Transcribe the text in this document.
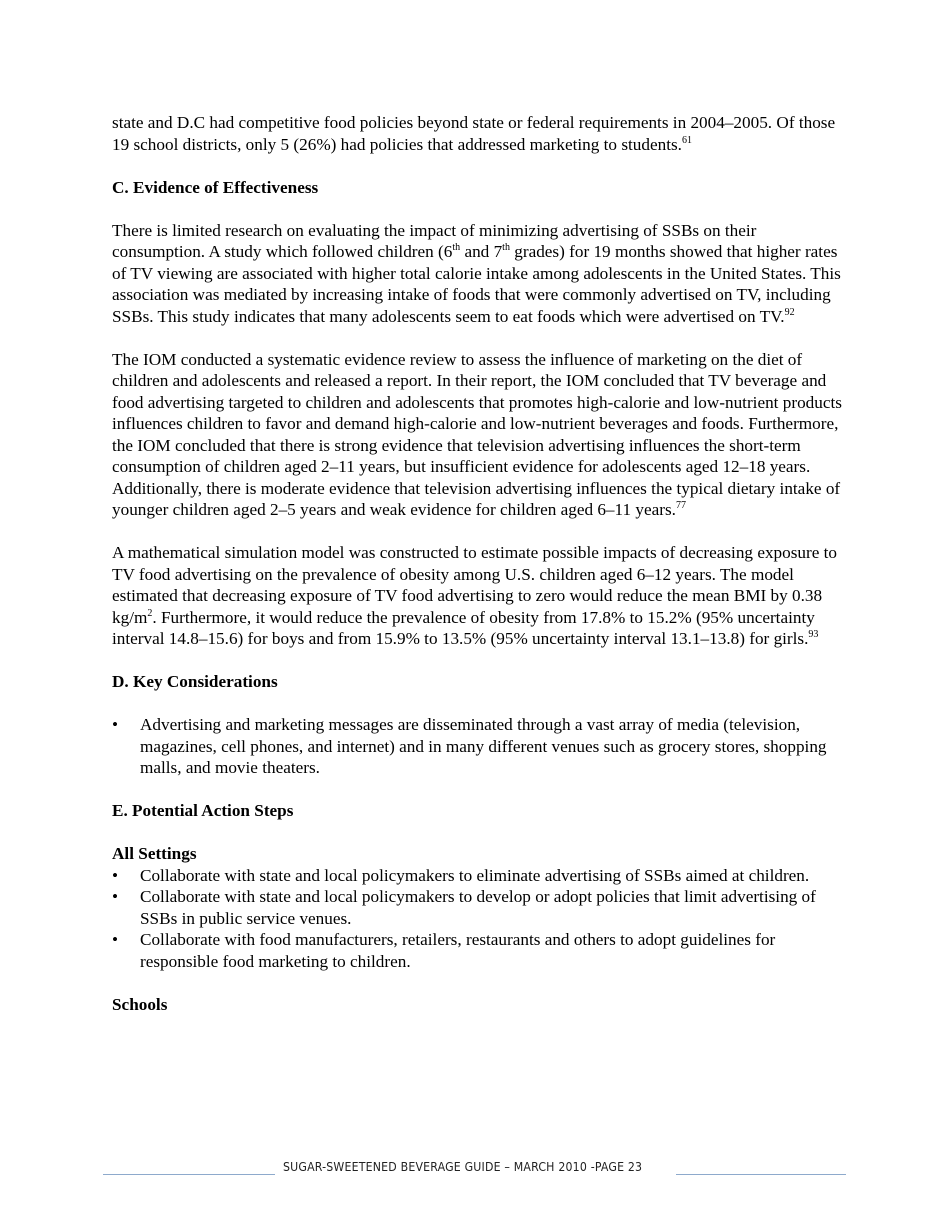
state and D.C had competitive food policies beyond state or federal requirements in 2004–2005. Of those 19 school districts, only 5 (26%) had policies that addressed marketing to students.$^{61}$

C. Evidence of Effectiveness

There is limited research on evaluating the impact of minimizing advertising of SSBs on their consumption. A study which followed children (6th and 7th grades) for 19 months showed that higher rates of TV viewing are associated with higher total calorie intake among adolescents in the United States. This association was mediated by increasing intake of foods that were commonly advertised on TV, including SSBs. This study indicates that many adolescents seem to eat foods which were advertised on TV.$^{92}$

The IOM conducted a systematic evidence review to assess the influence of marketing on the diet of children and adolescents and released a report. In their report, the IOM concluded that TV beverage and food advertising targeted to children and adolescents that promotes high-calorie and low-nutrient products influences children to favor and demand high-calorie and low-nutrient beverages and foods. Furthermore, the IOM concluded that there is strong evidence that television advertising influences the short-term consumption of children aged 2–11 years, but insufficient evidence for adolescents aged 12–18 years. Additionally, there is moderate evidence that television advertising influences the typical dietary intake of younger children aged 2–5 years and weak evidence for children aged 6–11 years.$^{77}$

A mathematical simulation model was constructed to estimate possible impacts of decreasing exposure to TV food advertising on the prevalence of obesity among U.S. children aged 6–12 years. The model estimated that decreasing exposure of TV food advertising to zero would reduce the mean BMI by 0.38 $kg/m^2$. Furthermore, it would reduce the prevalence of obesity from 17.8% to 15.2% (95% uncertainty interval 14.8–15.6) for boys and from 15.9% to 13.5% (95% uncertainty interval 13.1–13.8) for girls.$^{93}$

D. Key Considerations
• Advertising and marketing messages are disseminated through a vast array of media (television, magazines, cell phones, and internet) and in many different venues such as grocery stores, shopping malls, and movie theaters.
E. Potential Action Steps
All Settings
• Collaborate with state and local policymakers to eliminate advertising of SSBs aimed at children.
• Collaborate with state and local policymakers to develop or adopt policies that limit advertising of SSBs in public service venues.
• Collaborate with food manufacturers, retailers, restaurants and others to adopt guidelines for responsible food marketing to children.
Schools
SUGAR-SWEETENED BEVERAGE GUIDE – MARCH 2010 -PAGE 23
